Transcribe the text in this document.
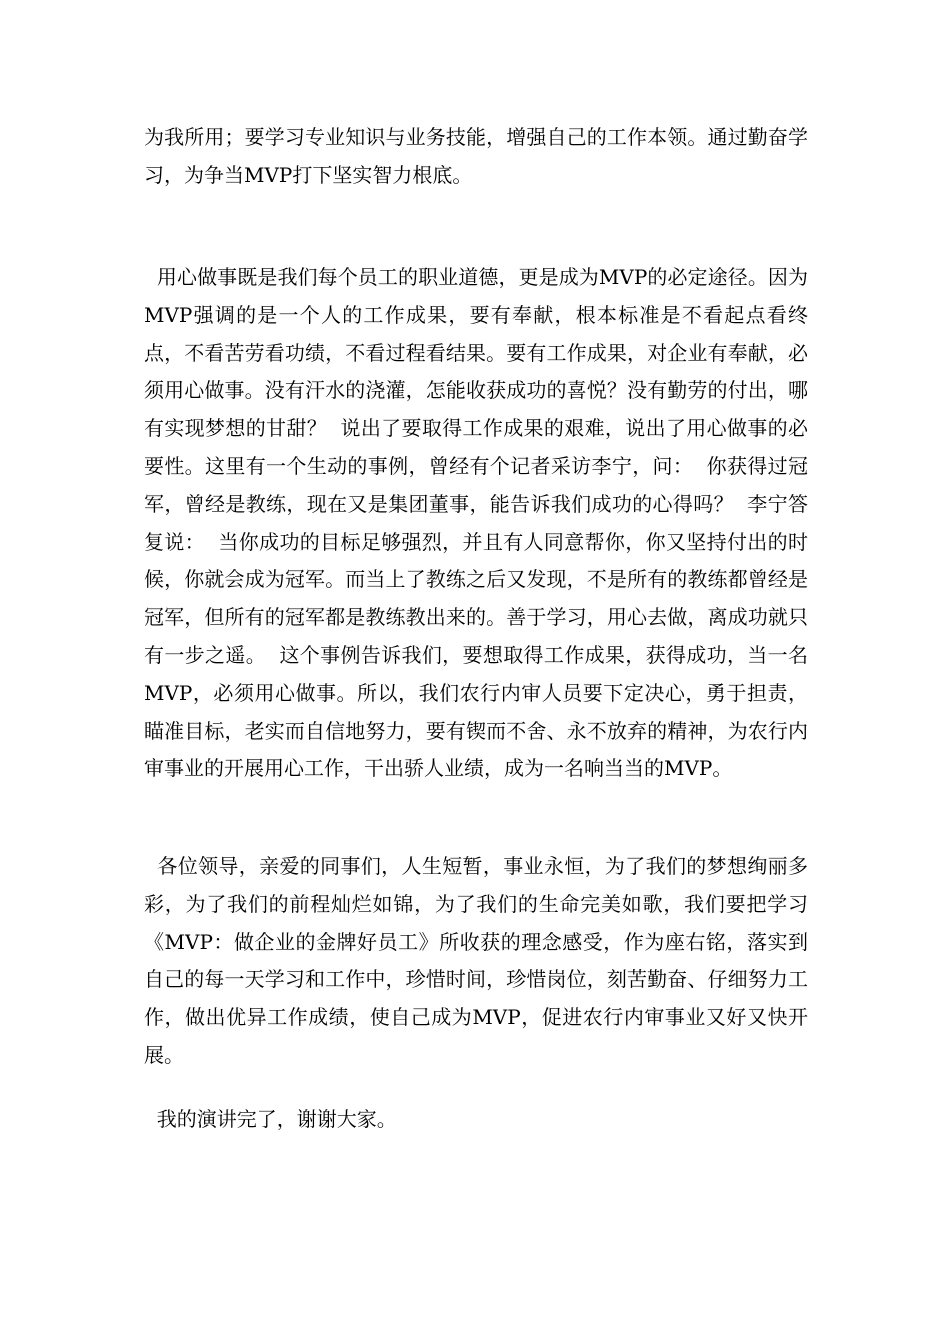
为我所用；要学习专业知识与业务技能，增强自己的工作本领。通过勤奋学习，为争当MVP打下坚实智力根底。

用心做事既是我们每个员工的职业道德，更是成为MVP的必定途径。因为MVP强调的是一个人的工作成果，要有奉献，根本标准是不看起点看终点，不看苦劳看功绩，不看过程看结果。要有工作成果，对企业有奉献，必须用心做事。没有汗水的浇灌，怎能收获成功的喜悦？没有勤劳的付出，哪有实现梦想的甘甜？  说出了要取得工作成果的艰难，说出了用心做事的必要性。这里有一个生动的事例，曾经有个记者采访李宁，问：  你获得过冠军，曾经是教练，现在又是集团董事，能告诉我们成功的心得吗？  李宁答复说：  当你成功的目标足够强烈，并且有人同意帮你，你又坚持付出的时候，你就会成为冠军。而当上了教练之后又发现，不是所有的教练都曾经是冠军，但所有的冠军都是教练教出来的。善于学习，用心去做，离成功就只有一步之遥。  这个事例告诉我们，要想取得工作成果，获得成功，当一名MVP，必须用心做事。所以，我们农行内审人员要下定决心，勇于担责，瞄准目标，老实而自信地努力，要有锲而不舍、永不放弃的精神，为农行内审事业的开展用心工作，干出骄人业绩，成为一名响当当的MVP。

各位领导，亲爱的同事们，人生短暂，事业永恒，为了我们的梦想绚丽多彩，为了我们的前程灿烂如锦，为了我们的生命完美如歌，我们要把学习《MVP：做企业的金牌好员工》所收获的理念感受，作为座右铭，落实到自己的每一天学习和工作中，珍惜时间，珍惜岗位，刻苦勤奋、仔细努力工作，做出优异工作成绩，使自己成为MVP，促进农行内审事业又好又快开展。

我的演讲完了，谢谢大家。
